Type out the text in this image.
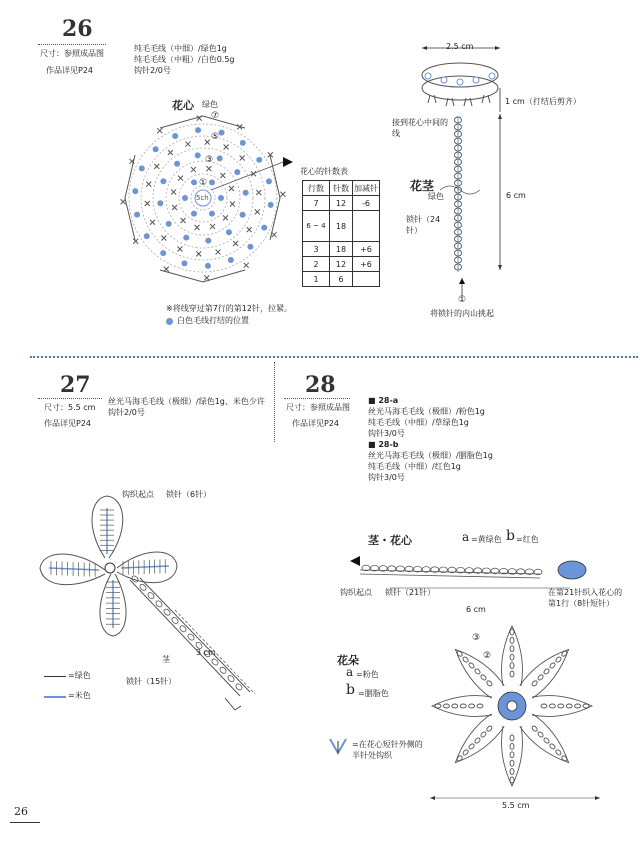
26
尺寸：参照成品图
作品详见P24
纯毛毛线（中细）/绿色1g
纯毛毛线（中粗）/白色0.5g
钩针2/0号
花心 绿色
5ch
⑦
⑤
③
①
花心的针数表
行数	针数	加减针
7	12	-6
6 ~ 4	18	
3	18	+6
2	12	+6
1	6	
※将线穿过第7行的第12针，拉紧。
白色毛线打结的位置
2.5 cm
1 cm（打结后剪齐）
接到花心中间的线
花茎
绿色
锁针（24针）
6 cm
①
将锁针的内山挑起
27
尺寸：5.5 cm
作品详见P24
丝光马海毛毛线（极细）/绿色1g、米色少许
钩针2/0号
钩织起点 锁针（6针）
茎
3 cm
锁针（15针）
=绿色
=米色
28
尺寸：参照成品图
作品详见P24
■ 28-a
丝光马海毛毛线（极细）/粉色1g
纯毛毛线（中细）/草绿色1g
钩针3/0号
■ 28-b
丝光马海毛毛线（极细）/胭脂色1g
纯毛毛线（中细）/红色1g
钩针3/0号
茎・花心	a =黄绿色 b =红色
钩织起点 锁针（21针）	在第21针织入花心的
第1行（8针短针）
6 cm
花朵
a =粉色
b =胭脂色
=在花心短针外侧的
半针处钩织
③
②
5.5 cm
26
